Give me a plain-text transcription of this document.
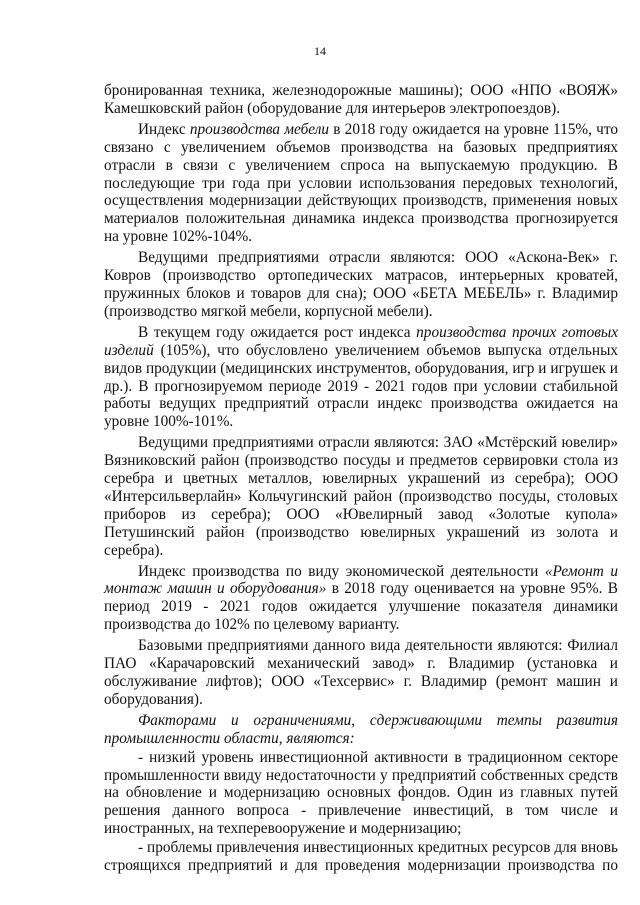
14

бронированная техника, железнодорожные машины); ООО «НПО «ВОЯЖ» Камешковский район (оборудование для интерьеров электропоездов).

Индекс производства мебели в 2018 году ожидается на уровне 115%, что связано с увеличением объемов производства на базовых предприятиях отрасли в связи с увеличением спроса на выпускаемую продукцию. В последующие три года при условии использования передовых технологий, осуществления модернизации действующих производств, применения новых материалов положительная динамика индекса производства прогнозируется на уровне 102%-104%.

Ведущими предприятиями отрасли являются: ООО «Аскона-Век» г. Ковров (производство ортопедических матрасов, интерьерных кроватей, пружинных блоков и товаров для сна); ООО «БЕТА МЕБЕЛЬ» г. Владимир (производство мягкой мебели, корпусной мебели).

В текущем году ожидается рост индекса производства прочих готовых изделий (105%), что обусловлено увеличением объемов выпуска отдельных видов продукции (медицинских инструментов, оборудования, игр и игрушек и др.). В прогнозируемом периоде 2019 - 2021 годов при условии стабильной работы ведущих предприятий отрасли индекс производства ожидается на уровне 100%-101%.

Ведущими предприятиями отрасли являются: ЗАО «Мстёрский ювелир» Вязниковский район (производство посуды и предметов сервировки стола из серебра и цветных металлов, ювелирных украшений из серебра); ООО «Интерсильверлайн» Кольчугинский район (производство посуды, столовых приборов из серебра); ООО «Ювелирный завод «Золотые купола» Петушинский район (производство ювелирных украшений из золота и серебра).

Индекс производства по виду экономической деятельности «Ремонт и монтаж машин и оборудования» в 2018 году оценивается на уровне 95%. В период 2019 - 2021 годов ожидается улучшение показателя динамики производства до 102% по целевому варианту.

Базовыми предприятиями данного вида деятельности являются: Филиал ПАО «Карачаровский механический завод» г. Владимир (установка и обслуживание лифтов); ООО «Техсервис» г. Владимир (ремонт машин и оборудования).

Факторами и ограничениями, сдерживающими темпы развития промышленности области, являются:

- низкий уровень инвестиционной активности в традиционном секторе промышленности ввиду недостаточности у предприятий собственных средств на обновление и модернизацию основных фондов. Один из главных путей решения данного вопроса - привлечение инвестиций, в том числе и иностранных, на техперевооружение и модернизацию;

- проблемы привлечения инвестиционных кредитных ресурсов для вновь строящихся предприятий и для проведения модернизации производства по
